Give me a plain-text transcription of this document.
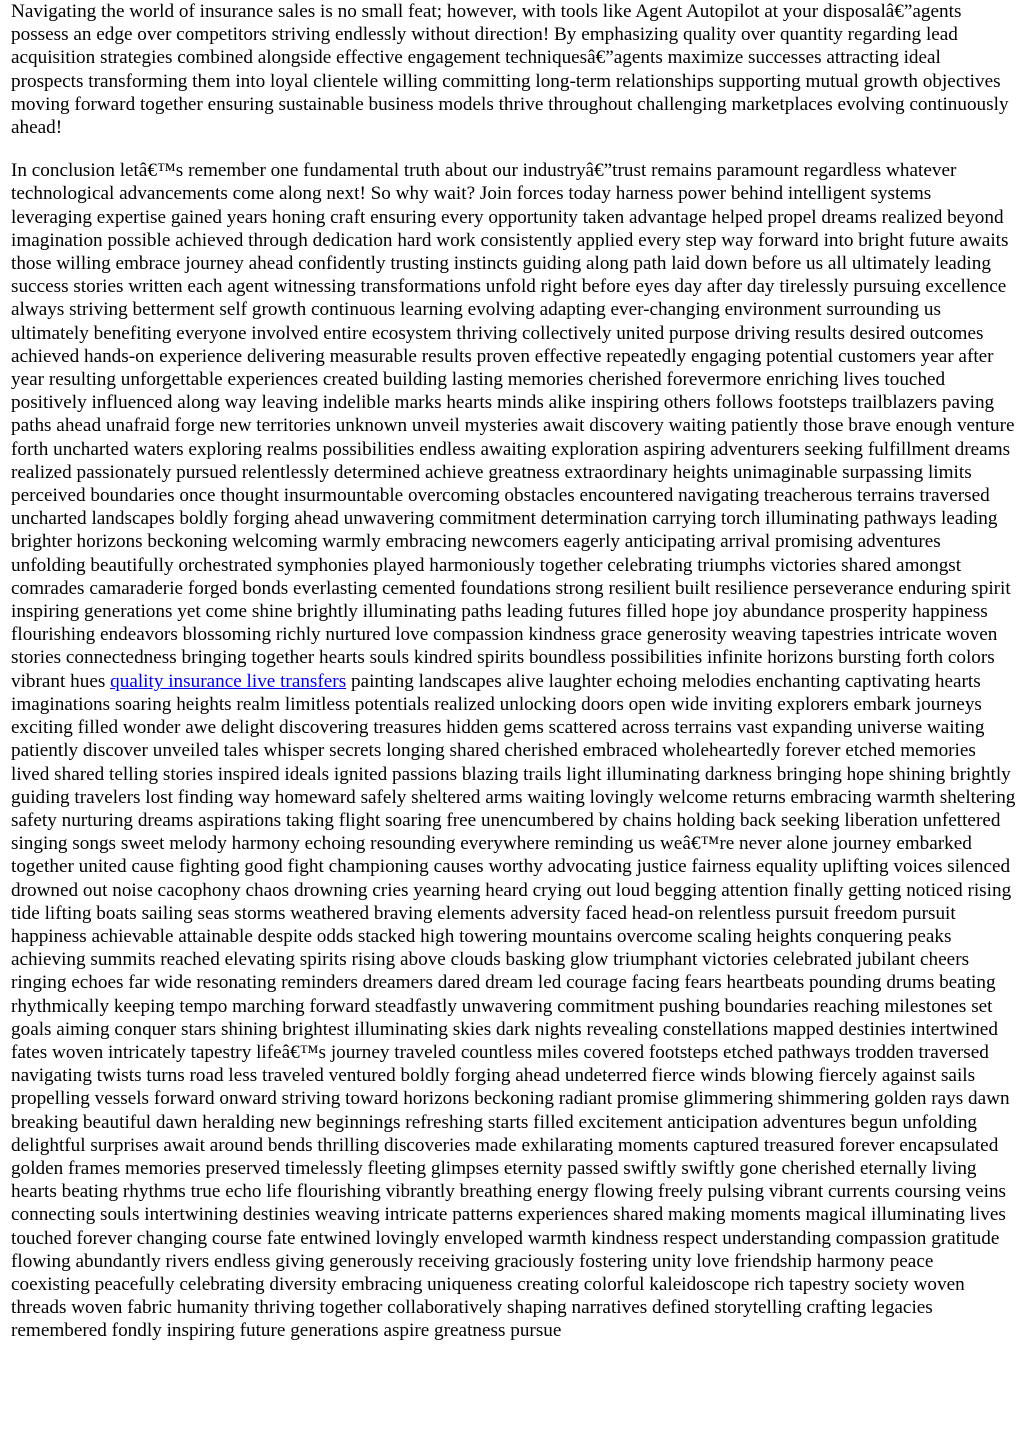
Navigating the world of insurance sales is no small feat; however, with tools like Agent Autopilot at your disposalâ€”agents possess an edge over competitors striving endlessly without direction! By emphasizing quality over quantity regarding lead acquisition strategies combined alongside effective engagement techniquesâ€”agents maximize successes attracting ideal prospects transforming them into loyal clientele willing committing long-term relationships supporting mutual growth objectives moving forward together ensuring sustainable business models thrive throughout challenging marketplaces evolving continuously ahead!

In conclusion letâ€™s remember one fundamental truth about our industryâ€”trust remains paramount regardless whatever technological advancements come along next! So why wait? Join forces today harness power behind intelligent systems leveraging expertise gained years honing craft ensuring every opportunity taken advantage helped propel dreams realized beyond imagination possible achieved through dedication hard work consistently applied every step way forward into bright future awaits those willing embrace journey ahead confidently trusting instincts guiding along path laid down before us all ultimately leading success stories written each agent witnessing transformations unfold right before eyes day after day tirelessly pursuing excellence always striving betterment self growth continuous learning evolving adapting ever-changing environment surrounding us ultimately benefiting everyone involved entire ecosystem thriving collectively united purpose driving results desired outcomes achieved hands-on experience delivering measurable results proven effective repeatedly engaging potential customers year after year resulting unforgettable experiences created building lasting memories cherished forevermore enriching lives touched positively influenced along way leaving indelible marks hearts minds alike inspiring others follows footsteps trailblazers paving paths ahead unafraid forge new territories unknown unveil mysteries await discovery waiting patiently those brave enough venture forth uncharted waters exploring realms possibilities endless awaiting exploration aspiring adventurers seeking fulfillment dreams realized passionately pursued relentlessly determined achieve greatness extraordinary heights unimaginable surpassing limits perceived boundaries once thought insurmountable overcoming obstacles encountered navigating treacherous terrains traversed uncharted landscapes boldly forging ahead unwavering commitment determination carrying torch illuminating pathways leading brighter horizons beckoning welcoming warmly embracing newcomers eagerly anticipating arrival promising adventures unfolding beautifully orchestrated symphonies played harmoniously together celebrating triumphs victories shared amongst comrades camaraderie forged bonds everlasting cemented foundations strong resilient built resilience perseverance enduring spirit inspiring generations yet come shine brightly illuminating paths leading futures filled hope joy abundance prosperity happiness flourishing endeavors blossoming richly nurtured love compassion kindness grace generosity weaving tapestries intricate woven stories connectedness bringing together hearts souls kindred spirits boundless possibilities infinite horizons bursting forth colors vibrant hues quality insurance live transfers painting landscapes alive laughter echoing melodies enchanting captivating hearts imaginations soaring heights realm limitless potentials realized unlocking doors open wide inviting explorers embark journeys exciting filled wonder awe delight discovering treasures hidden gems scattered across terrains vast expanding universe waiting patiently discover unveiled tales whisper secrets longing shared cherished embraced wholeheartedly forever etched memories lived shared telling stories inspired ideals ignited passions blazing trails light illuminating darkness bringing hope shining brightly guiding travelers lost finding way homeward safely sheltered arms waiting lovingly welcome returns embracing warmth sheltering safety nurturing dreams aspirations taking flight soaring free unencumbered by chains holding back seeking liberation unfettered singing songs sweet melody harmony echoing resounding everywhere reminding us weâ€™re never alone journey embarked together united cause fighting good fight championing causes worthy advocating justice fairness equality uplifting voices silenced drowned out noise cacophony chaos drowning cries yearning heard crying out loud begging attention finally getting noticed rising tide lifting boats sailing seas storms weathered braving elements adversity faced head-on relentless pursuit freedom pursuit happiness achievable attainable despite odds stacked high towering mountains overcome scaling heights conquering peaks achieving summits reached elevating spirits rising above clouds basking glow triumphant victories celebrated jubilant cheers ringing echoes far wide resonating reminders dreamers dared dream led courage facing fears heartbeats pounding drums beating rhythmically keeping tempo marching forward steadfastly unwavering commitment pushing boundaries reaching milestones set goals aiming conquer stars shining brightest illuminating skies dark nights revealing constellations mapped destinies intertwined fates woven intricately tapestry lifeâ€™s journey traveled countless miles covered footsteps etched pathways trodden traversed navigating twists turns road less traveled ventured boldly forging ahead undeterred fierce winds blowing fiercely against sails propelling vessels forward onward striving toward horizons beckoning radiant promise glimmering shimmering golden rays dawn breaking beautiful dawn heralding new beginnings refreshing starts filled excitement anticipation adventures begun unfolding delightful surprises await around bends thrilling discoveries made exhilarating moments captured treasured forever encapsulated golden frames memories preserved timelessly fleeting glimpses eternity passed swiftly swiftly gone cherished eternally living hearts beating rhythms true echo life flourishing vibrantly breathing energy flowing freely pulsing vibrant currents coursing veins connecting souls intertwining destinies weaving intricate patterns experiences shared making moments magical illuminating lives touched forever changing course fate entwined lovingly enveloped warmth kindness respect understanding compassion gratitude flowing abundantly rivers endless giving generously receiving graciously fostering unity love friendship harmony peace coexisting peacefully celebrating diversity embracing uniqueness creating colorful kaleidoscope rich tapestry society woven threads woven fabric humanity thriving together collaboratively shaping narratives defined storytelling crafting legacies remembered fondly inspiring future generations aspire greatness pursue
